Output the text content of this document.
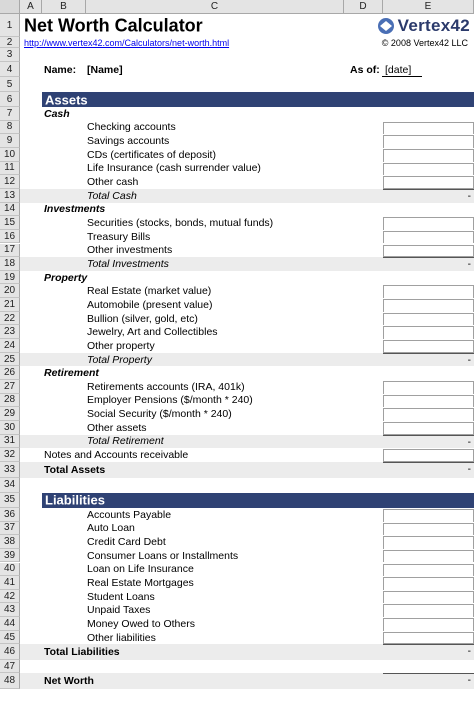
A	B	C	D	E
1 Net Worth Calculator	Vertex42
2	http://www.vertex42.com/Calculators/net-worth.html	© 2008 Vertex42 LLC
3
4	Name: [Name]	As of: [date]
5
6	Assets
7	Cash
8	Checking accounts
9	Savings accounts
10	CDs (certificates of deposit)
11	Life Insurance (cash surrender value)
12	Other cash
13	Total Cash	-
14	Investments
15	Securities (stocks, bonds, mutual funds)
16	Treasury Bills
17	Other investments
18	Total Investments	-
19	Property
20	Real Estate (market value)
21	Automobile (present value)
22	Bullion (silver, gold, etc)
23	Jewelry, Art and Collectibles
24	Other property
25	Total Property	-
26	Retirement
27	Retirements accounts (IRA, 401k)
28	Employer Pensions ($/month * 240)
29	Social Security ($/month * 240)
30	Other assets
31	Total Retirement	-
32	Notes and Accounts receivable
33	Total Assets	-
34
35	Liabilities
36	Accounts Payable
37	Auto Loan
38	Credit Card Debt
39	Consumer Loans or Installments
40	Loan on Life Insurance
41	Real Estate Mortgages
42	Student Loans
43	Unpaid Taxes
44	Money Owed to Others
45	Other liabilities
46	Total Liabilities	-
47
48	Net Worth	-
